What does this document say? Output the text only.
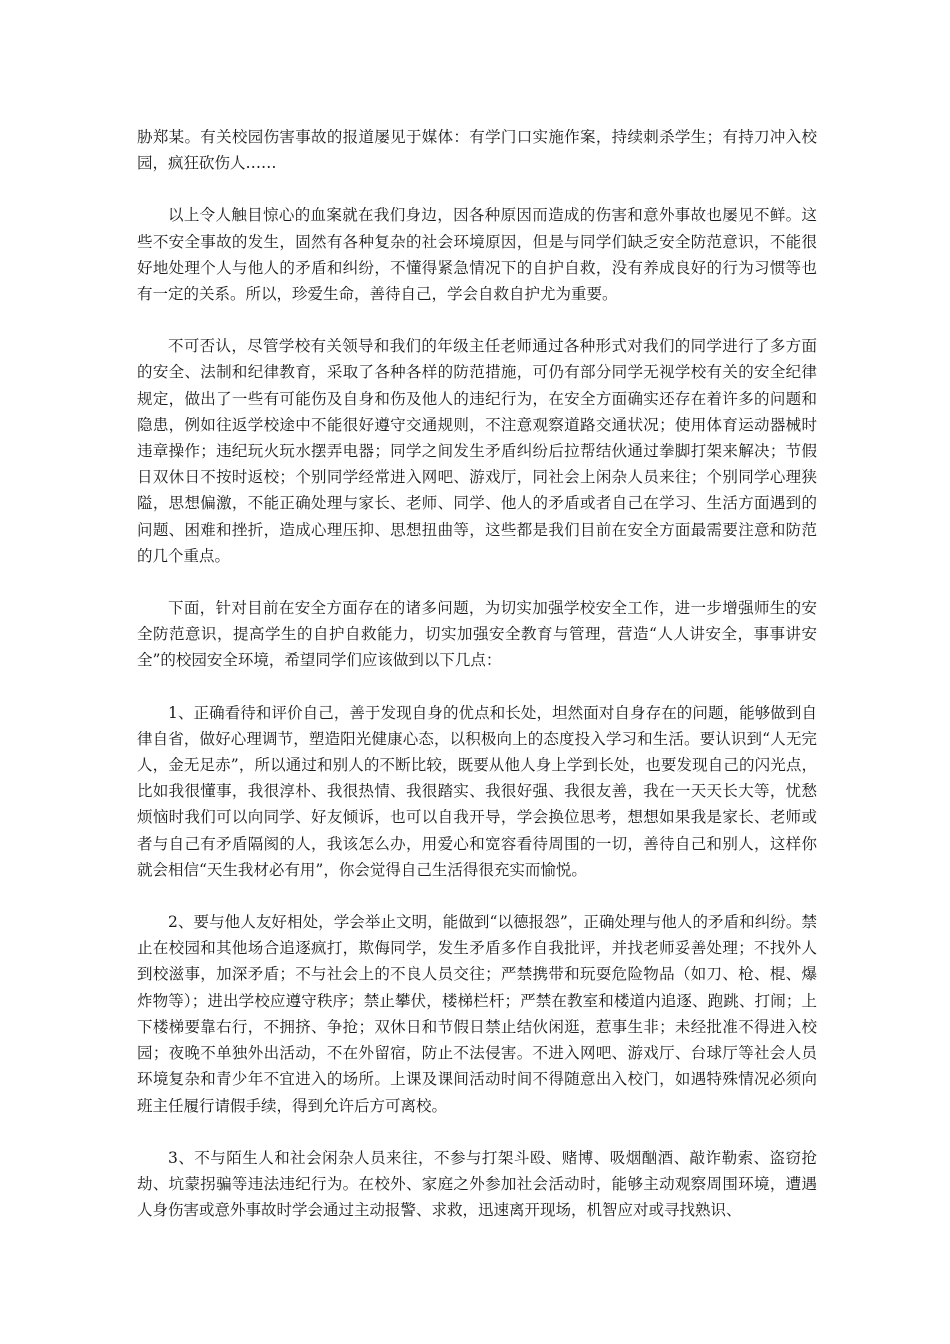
胁郑某。有关校园伤害事故的报道屡见于媒体：有学门口实施作案，持续刺杀学生；有持刀冲入校园，疯狂砍伤人……

以上令人触目惊心的血案就在我们身边，因各种原因而造成的伤害和意外事故也屡见不鲜。这些不安全事故的发生，固然有各种复杂的社会环境原因，但是与同学们缺乏安全防范意识，不能很好地处理个人与他人的矛盾和纠纷，不懂得紧急情况下的自护自救，没有养成良好的行为习惯等也有一定的关系。所以，珍爱生命，善待自己，学会自救自护尤为重要。

不可否认，尽管学校有关领导和我们的年级主任老师通过各种形式对我们的同学进行了多方面的安全、法制和纪律教育，采取了各种各样的防范措施，可仍有部分同学无视学校有关的安全纪律规定，做出了一些有可能伤及自身和伤及他人的违纪行为，在安全方面确实还存在着许多的问题和隐患，例如往返学校途中不能很好遵守交通规则，不注意观察道路交通状况；使用体育运动器械时违章操作；违纪玩火玩水摆弄电器；同学之间发生矛盾纠纷后拉帮结伙通过拳脚打架来解决；节假日双休日不按时返校；个别同学经常进入网吧、游戏厅，同社会上闲杂人员来往；个别同学心理狭隘，思想偏激，不能正确处理与家长、老师、同学、他人的矛盾或者自己在学习、生活方面遇到的问题、困难和挫折，造成心理压抑、思想扭曲等，这些都是我们目前在安全方面最需要注意和防范的几个重点。

下面，针对目前在安全方面存在的诸多问题，为切实加强学校安全工作，进一步增强师生的安全防范意识，提高学生的自护自救能力，切实加强安全教育与管理，营造“人人讲安全，事事讲安全”的校园安全环境，希望同学们应该做到以下几点：

1、正确看待和评价自己，善于发现自身的优点和长处，坦然面对自身存在的问题，能够做到自律自省，做好心理调节，塑造阳光健康心态，以积极向上的态度投入学习和生活。要认识到“人无完人，金无足赤”，所以通过和别人的不断比较，既要从他人身上学到长处，也要发现自己的闪光点，比如我很懂事，我很淳朴、我很热情、我很踏实、我很好强、我很友善，我在一天天长大等，忧愁烦恼时我们可以向同学、好友倾诉，也可以自我开导，学会换位思考，想想如果我是家长、老师或者与自己有矛盾隔阂的人，我该怎么办，用爱心和宽容看待周围的一切，善待自己和别人，这样你就会相信“天生我材必有用”，你会觉得自己生活得很充实而愉悦。

2、要与他人友好相处，学会举止文明，能做到“以德报怨”，正确处理与他人的矛盾和纠纷。禁止在校园和其他场合追逐疯打，欺侮同学，发生矛盾多作自我批评，并找老师妥善处理；不找外人到校滋事，加深矛盾；不与社会上的不良人员交往；严禁携带和玩耍危险物品（如刀、枪、棍、爆炸物等）；进出学校应遵守秩序；禁止攀伏，楼梯栏杆；严禁在教室和楼道内追逐、跑跳、打闹；上下楼梯要靠右行，不拥挤、争抢；双休日和节假日禁止结伙闲逛，惹事生非；未经批准不得进入校园；夜晚不单独外出活动，不在外留宿，防止不法侵害。不进入网吧、游戏厅、台球厅等社会人员环境复杂和青少年不宜进入的场所。上课及课间活动时间不得随意出入校门，如遇特殊情况必须向班主任履行请假手续，得到允许后方可离校。

3、不与陌生人和社会闲杂人员来往，不参与打架斗殴、赌博、吸烟酗酒、敲诈勒索、盗窃抢劫、坑蒙拐骗等违法违纪行为。在校外、家庭之外参加社会活动时，能够主动观察周围环境，遭遇人身伤害或意外事故时学会通过主动报警、求救，迅速离开现场，机智应对或寻找熟识、
